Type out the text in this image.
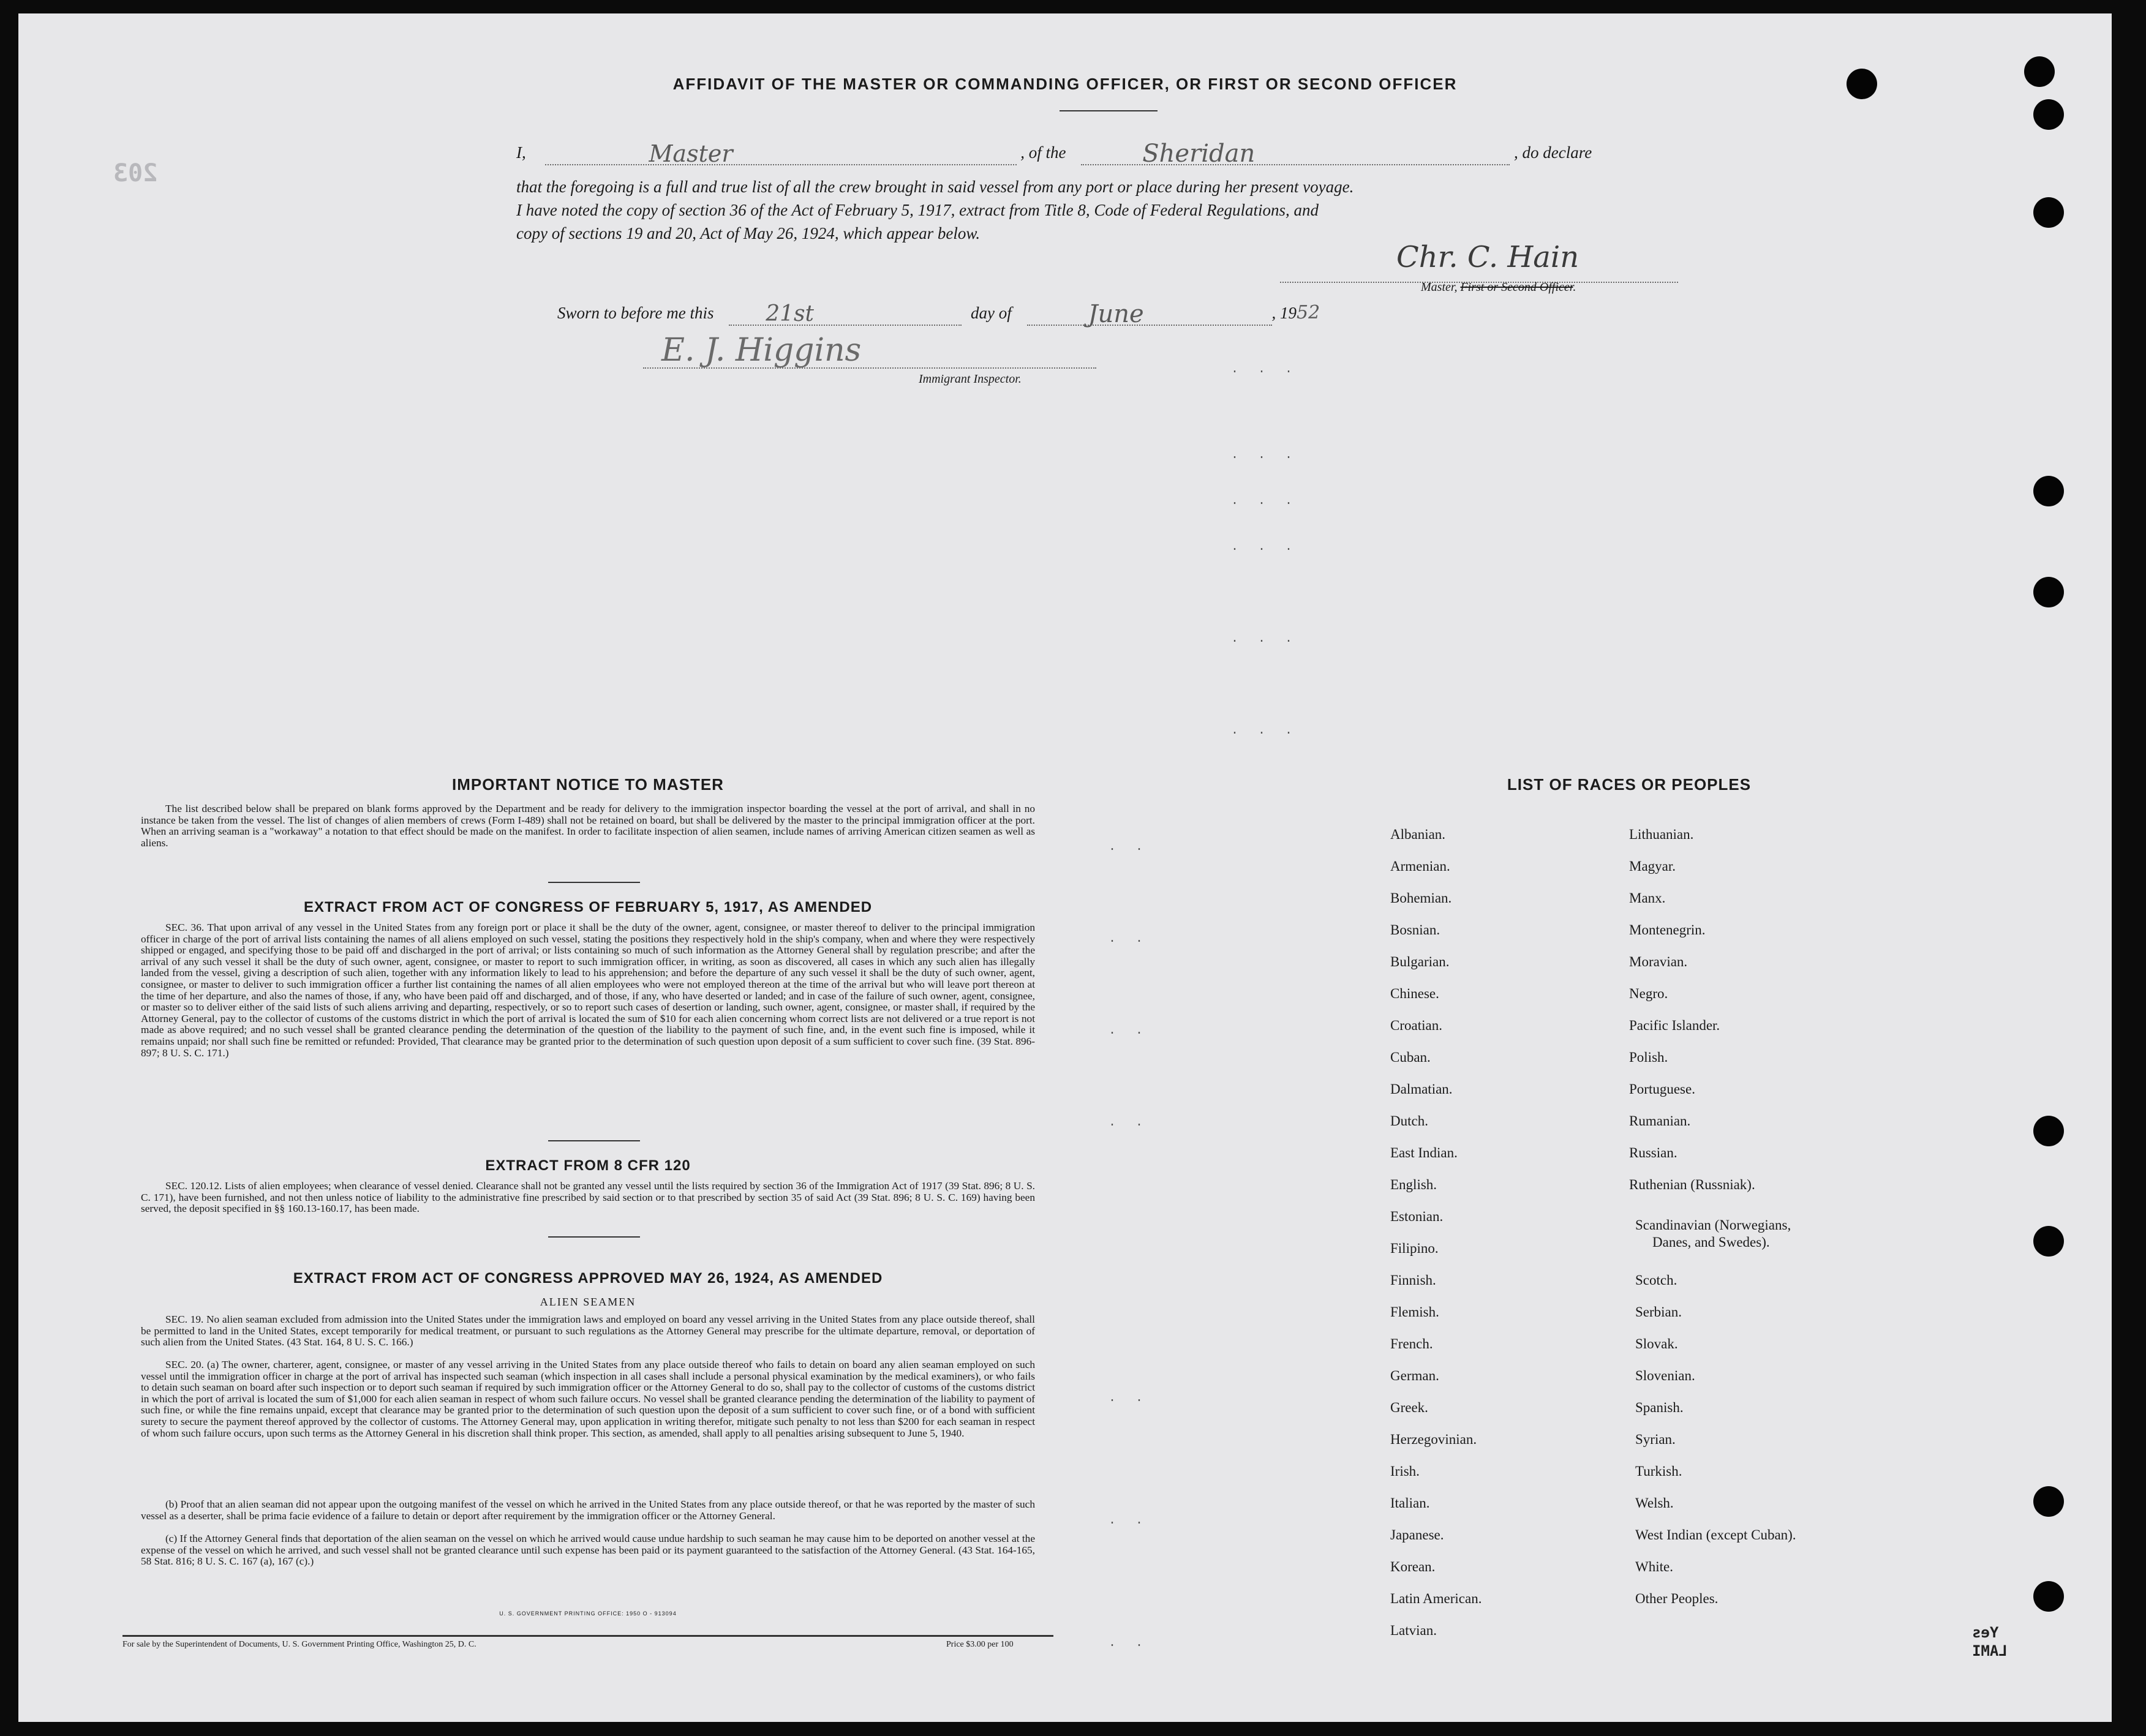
203
Yes
LAMI
AFFIDAVIT OF THE MASTER OR COMMANDING OFFICER, OR FIRST OR SECOND OFFICER
I,	Master	, of the	Sheridan	, do declare
that the foregoing is a full and true list of all the crew brought in said vessel from any port or place during her present voyage.
I have noted the copy of section 36 of the Act of February 5, 1917, extract from Title 8, Code of Federal Regulations, and
copy of sections 19 and 20, Act of May 26, 1924, which appear below.
Chr. C. Hain
Master, First or Second Officer.
Sworn to before me this 21st	day of	June	, 1952
E. J. Higgins
Immigrant Inspector.
. . .
. . .
. . .
. . .
. . .
. . .
. .
. .
. .
. .
. .
. .
. .
IMPORTANT NOTICE TO MASTER
The list described below shall be prepared on blank forms approved by the Department and be ready for delivery to the immigration inspector boarding the vessel at the port of arrival, and shall in no instance be taken from the vessel. The list of changes of alien members of crews (Form I-489) shall not be retained on board, but shall be delivered by the master to the principal immigration officer at the port. When an arriving seaman is a "workaway" a notation to that effect should be made on the manifest. In order to facilitate inspection of alien seamen, include names of arriving American citizen seamen as well as aliens.
EXTRACT FROM ACT OF CONGRESS OF FEBRUARY 5, 1917, AS AMENDED
SEC. 36. That upon arrival of any vessel in the United States from any foreign port or place it shall be the duty of the owner, agent, consignee, or master thereof to deliver to the principal immigration officer in charge of the port of arrival lists containing the names of all aliens employed on such vessel, stating the positions they respectively hold in the ship's company, when and where they were respectively shipped or engaged, and specifying those to be paid off and discharged in the port of arrival; or lists containing so much of such information as the Attorney General shall by regulation prescribe; and after the arrival of any such vessel it shall be the duty of such owner, agent, consignee, or master to report to such immigration officer, in writing, as soon as discovered, all cases in which any such alien has illegally landed from the vessel, giving a description of such alien, together with any information likely to lead to his apprehension; and before the departure of any such vessel it shall be the duty of such owner, agent, consignee, or master to deliver to such immigration officer a further list containing the names of all alien employees who were not employed thereon at the time of the arrival but who will leave port thereon at the time of her departure, and also the names of those, if any, who have been paid off and discharged, and of those, if any, who have deserted or landed; and in case of the failure of such owner, agent, consignee, or master so to deliver either of the said lists of such aliens arriving and departing, respectively, or so to report such cases of desertion or landing, such owner, agent, consignee, or master shall, if required by the Attorney General, pay to the collector of customs of the customs district in which the port of arrival is located the sum of $10 for each alien concerning whom correct lists are not delivered or a true report is not made as above required; and no such vessel shall be granted clearance pending the determination of the question of the liability to the payment of such fine, and, in the event such fine is imposed, while it remains unpaid; nor shall such fine be remitted or refunded: Provided, That clearance may be granted prior to the determination of such question upon deposit of a sum sufficient to cover such fine. (39 Stat. 896-897; 8 U. S. C. 171.)
EXTRACT FROM 8 CFR 120
SEC. 120.12. Lists of alien employees; when clearance of vessel denied. Clearance shall not be granted any vessel until the lists required by section 36 of the Immigration Act of 1917 (39 Stat. 896; 8 U. S. C. 171), have been furnished, and not then unless notice of liability to the administrative fine prescribed by said section or to that prescribed by section 35 of said Act (39 Stat. 896; 8 U. S. C. 169) having been served, the deposit specified in §§ 160.13-160.17, has been made.
EXTRACT FROM ACT OF CONGRESS APPROVED MAY 26, 1924, AS AMENDED
ALIEN SEAMEN
SEC. 19. No alien seaman excluded from admission into the United States under the immigration laws and employed on board any vessel arriving in the United States from any place outside thereof, shall be permitted to land in the United States, except temporarily for medical treatment, or pursuant to such regulations as the Attorney General may prescribe for the ultimate departure, removal, or deportation of such alien from the United States. (43 Stat. 164, 8 U. S. C. 166.)
SEC. 20. (a) The owner, charterer, agent, consignee, or master of any vessel arriving in the United States from any place outside thereof who fails to detain on board any alien seaman employed on such vessel until the immigration officer in charge at the port of arrival has inspected such seaman (which inspection in all cases shall include a personal physical examination by the medical examiners), or who fails to detain such seaman on board after such inspection or to deport such seaman if required by such immigration officer or the Attorney General to do so, shall pay to the collector of customs of the customs district in which the port of arrival is located the sum of $1,000 for each alien seaman in respect of whom such failure occurs. No vessel shall be granted clearance pending the determination of the liability to payment of such fine, or while the fine remains unpaid, except that clearance may be granted prior to the determination of such question upon the deposit of a sum sufficient to cover such fine, or of a bond with sufficient surety to secure the payment thereof approved by the collector of customs. The Attorney General may, upon application in writing therefor, mitigate such penalty to not less than $200 for each seaman in respect of whom such failure occurs, upon such terms as the Attorney General in his discretion shall think proper. This section, as amended, shall apply to all penalties arising subsequent to June 5, 1940.
(b) Proof that an alien seaman did not appear upon the outgoing manifest of the vessel on which he arrived in the United States from any place outside thereof, or that he was reported by the master of such vessel as a deserter, shall be prima facie evidence of a failure to detain or deport after requirement by the immigration officer or the Attorney General.
(c) If the Attorney General finds that deportation of the alien seaman on the vessel on which he arrived would cause undue hardship to such seaman he may cause him to be deported on another vessel at the expense of the vessel on which he arrived, and such vessel shall not be granted clearance until such expense has been paid or its payment guaranteed to the satisfaction of the Attorney General. (43 Stat. 164-165, 58 Stat. 816; 8 U. S. C. 167 (a), 167 (c).)
U. S. GOVERNMENT PRINTING OFFICE: 1950 O - 913094
For sale by the Superintendent of Documents, U. S. Government Printing Office, Washington 25, D. C.	Price $3.00 per 100
LIST OF RACES OR PEOPLES
Albanian.
Armenian.
Bohemian.
Bosnian.
Bulgarian.
Chinese.
Croatian.
Cuban.
Dalmatian.
Dutch.
East Indian.
English.
Estonian.
Filipino.
Finnish.
Flemish.
French.
German.
Greek.
Herzegovinian.
Irish.
Italian.
Japanese.
Korean.
Latin American.
Latvian.
Lithuanian.
Magyar.
Manx.
Montenegrin.
Moravian.
Negro.
Pacific Islander.
Polish.
Portuguese.
Rumanian.
Russian.
Ruthenian (Russniak).
Scandinavian (Norwegians,
Danes, and Swedes).
Scotch.
Serbian.
Slovak.
Slovenian.
Spanish.
Syrian.
Turkish.
Welsh.
West Indian (except Cuban).
White.
Other Peoples.
